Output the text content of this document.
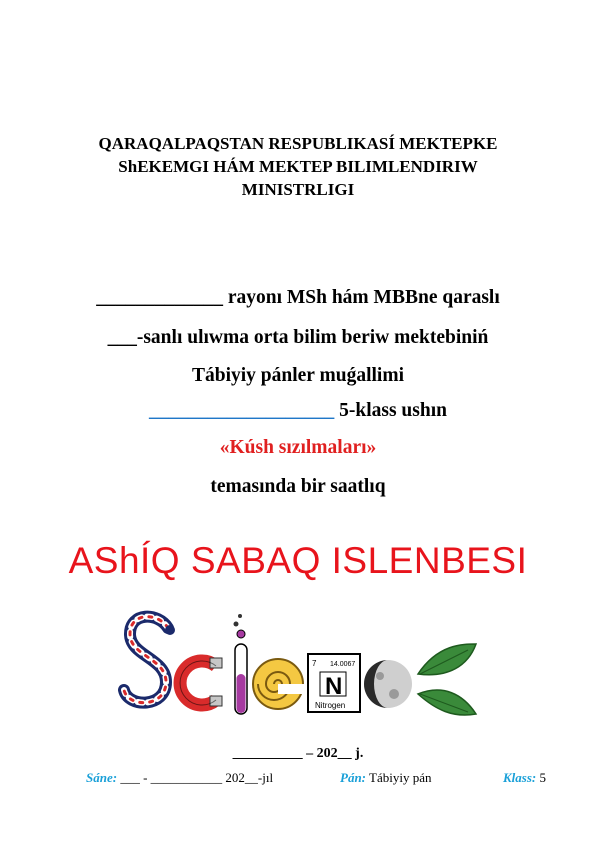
QARAQALPAQSTAN RESPUBLIKASÍ MEKTEPKE
ShEKEMGI HÁM MEKTEP BILIMLENDIRIW
MINISTRLIGI
_____________ rayonı MSh hám MBBne qaraslı
___-sanlı ulıwma orta bilim beriw mektebiniń
Tábiyiy pánler muǵallimi
___________________ 5-klass ushın
«Kúsh sızılmaları»
temasında bir saatlıq
AShÍQ SABAQ ISLENBESI
7 14.0067
N
Nitrogen
__________ – 202__ j.
Sáne: ___ - ___________ 202__-jıl	Pán: Tábiyiy pán	Klass: 5
